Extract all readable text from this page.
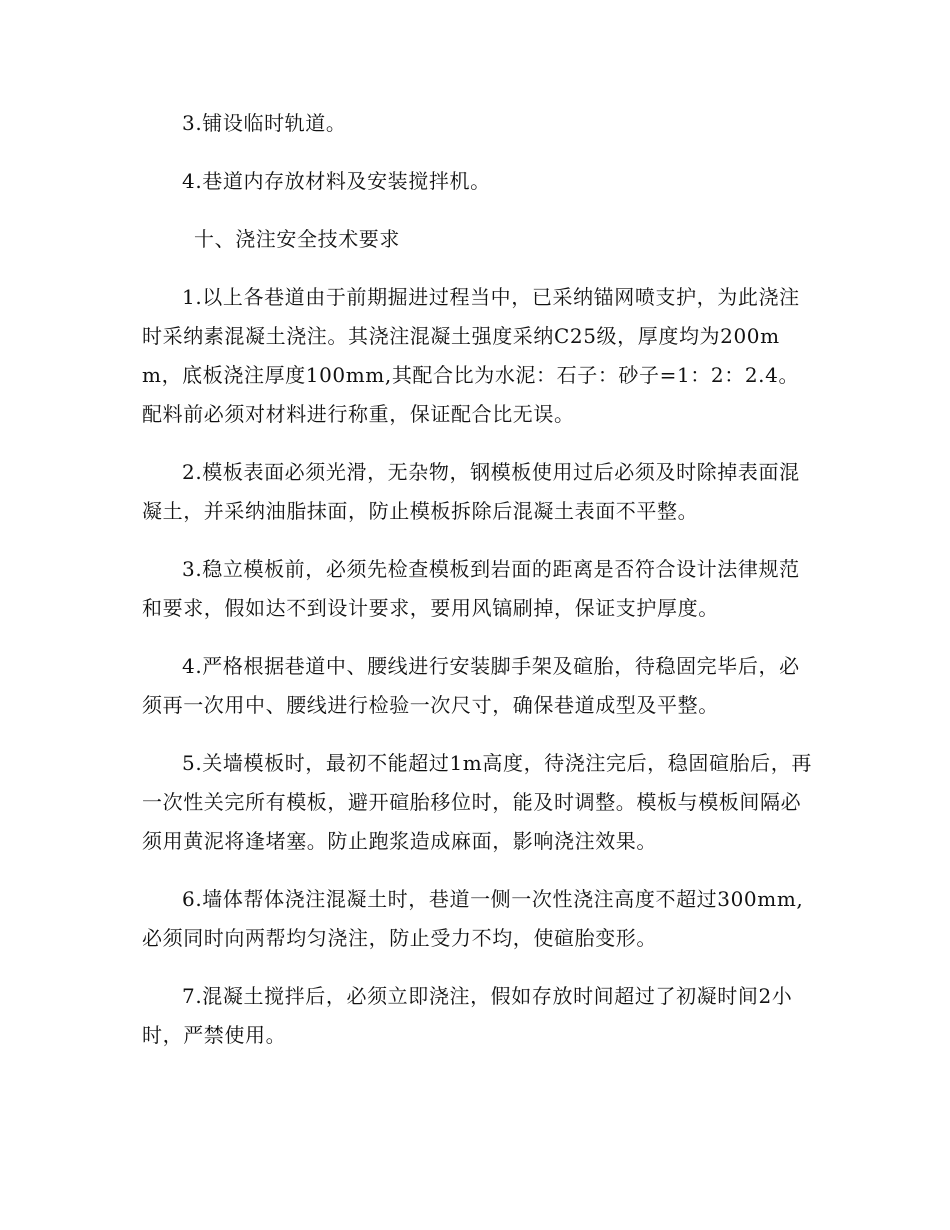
3.铺设临时轨道。

4.巷道内存放材料及安装搅拌机。

十、浇注安全技术要求

1.以上各巷道由于前期掘进过程当中，已采纳锚网喷支护，为此浇注时采纳素混凝土浇注。其浇注混凝土强度采纳C25级，厚度均为200mm，底板浇注厚度100mm,其配合比为水泥：石子：砂子=1：2：2.4。配料前必须对材料进行称重，保证配合比无误。

2.模板表面必须光滑，无杂物，钢模板使用过后必须及时除掉表面混凝土，并采纳油脂抹面，防止模板拆除后混凝土表面不平整。

3.稳立模板前，必须先检查模板到岩面的距离是否符合设计法律规范和要求，假如达不到设计要求，要用风镐刷掉，保证支护厚度。

4.严格根据巷道中、腰线进行安装脚手架及碹胎，待稳固完毕后，必须再一次用中、腰线进行检验一次尺寸，确保巷道成型及平整。

5.关墙模板时，最初不能超过1m高度，待浇注完后，稳固碹胎后，再一次性关完所有模板，避开碹胎移位时，能及时调整。模板与模板间隔必须用黄泥将逢堵塞。防止跑浆造成麻面，影响浇注效果。

6.墙体帮体浇注混凝土时，巷道一侧一次性浇注高度不超过300mm,必须同时向两帮均匀浇注，防止受力不均，使碹胎变形。

7.混凝土搅拌后，必须立即浇注，假如存放时间超过了初凝时间2小时，严禁使用。
